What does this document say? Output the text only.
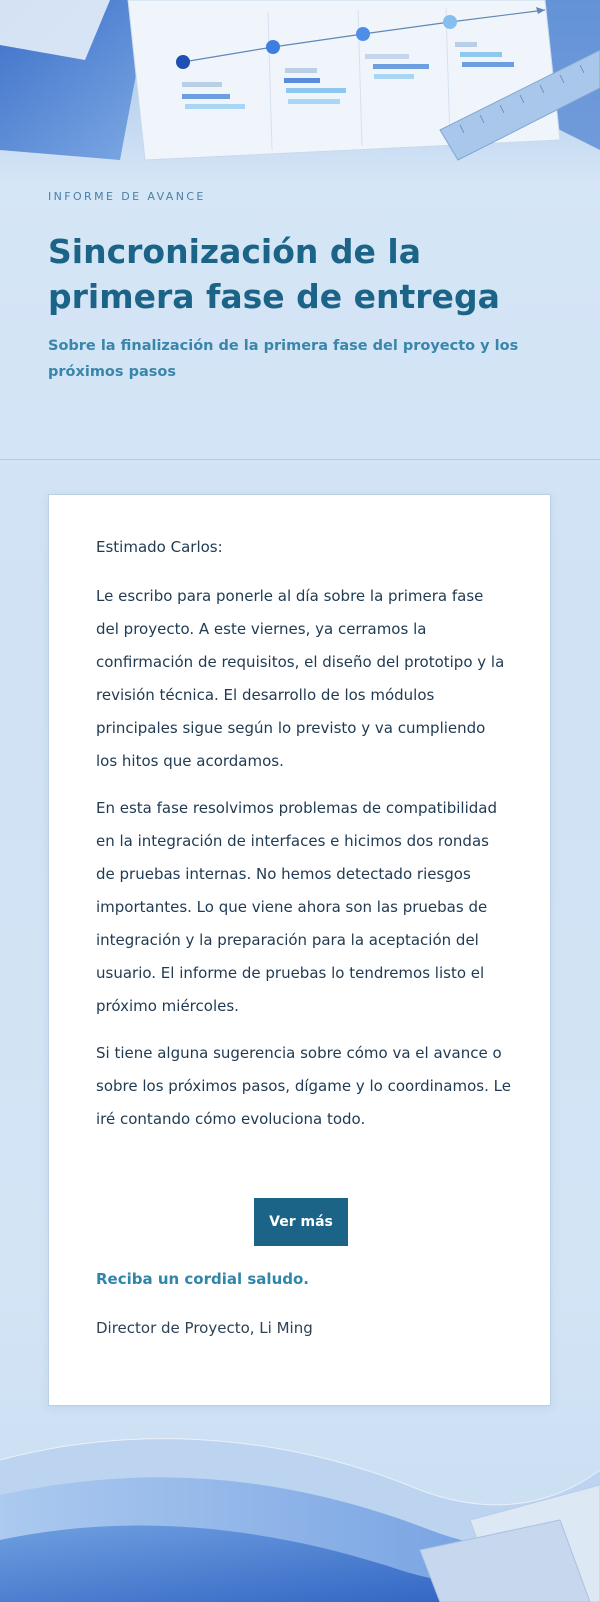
INFORME DE AVANCE
Sincronización de la primera fase de entrega

Sobre la finalización de la primera fase del proyecto y los próximos pasos

Estimado Carlos:

Le escribo para ponerle al día sobre la primera fase del proyecto. A este viernes, ya cerramos la confirmación de requisitos, el diseño del prototipo y la revisión técnica. El desarrollo de los módulos principales sigue según lo previsto y va cumpliendo los hitos que acordamos.

En esta fase resolvimos problemas de compatibilidad en la integración de interfaces e hicimos dos rondas de pruebas internas. No hemos detectado riesgos importantes. Lo que viene ahora son las pruebas de integración y la preparación para la aceptación del usuario. El informe de pruebas lo tendremos listo el próximo miércoles.

Si tiene alguna sugerencia sobre cómo va el avance o sobre los próximos pasos, dígame y lo coordinamos. Le iré contando cómo evoluciona todo.

Ver más
Reciba un cordial saludo.
Director de Proyecto, Li Ming
